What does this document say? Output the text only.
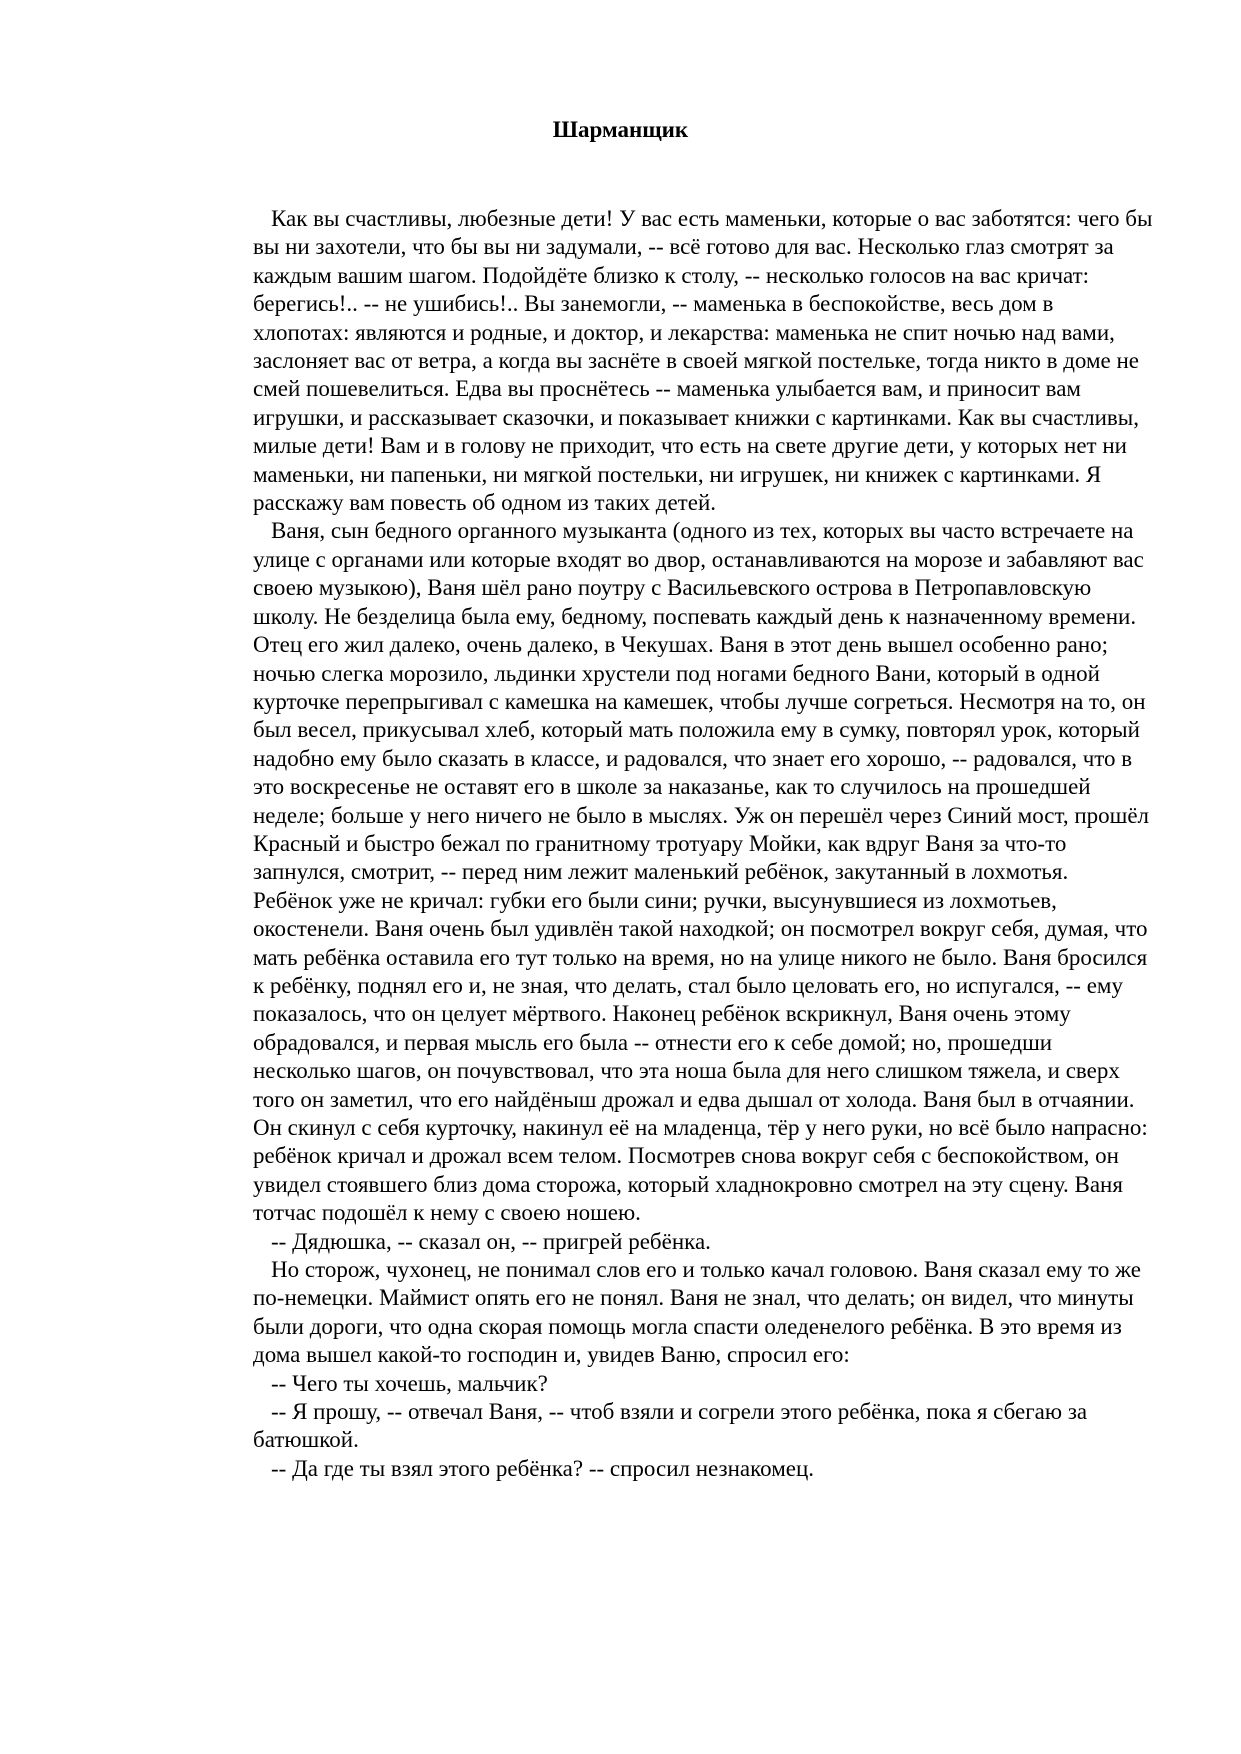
Шарманщик

Как вы счастливы, любезные дети! У вас есть маменьки, которые о вас заботятся: чего бы вы ни захотели, что бы вы ни задумали, -- всё готово для вас. Несколько глаз смотрят за каждым вашим шагом. Подойдёте близко к столу, -- несколько голосов на вас кричат: берегись!.. -- не ушибись!.. Вы занемогли, -- маменька в беспокойстве, весь дом в хлопотах: являются и родные, и доктор, и лекарства: маменька не спит ночью над вами, заслоняет вас от ветра, а когда вы заснёте в своей мягкой постельке, тогда никто в доме не смей пошевелиться. Едва вы проснётесь -- маменька улыбается вам, и приносит вам игрушки, и рассказывает сказочки, и показывает книжки с картинками. Как вы счастливы, милые дети! Вам и в голову не приходит, что есть на свете другие дети, у которых нет ни маменьки, ни папеньки, ни мягкой постельки, ни игрушек, ни книжек с картинками. Я расскажу вам повесть об одном из таких детей.

Ваня, сын бедного органного музыканта (одного из тех, которых вы часто встречаете на улице с органами или которые входят во двор, останавливаются на морозе и забавляют вас своею музыкою), Ваня шёл рано поутру с Васильевского острова в Петропавловскую школу. Не безделица была ему, бедному, поспевать каждый день к назначенному времени. Отец его жил далеко, очень далеко, в Чекушах. Ваня в этот день вышел особенно рано; ночью слегка морозило, льдинки хрустели под ногами бедного Вани, который в одной курточке перепрыгивал с камешка на камешек, чтобы лучше согреться. Несмотря на то, он был весел, прикусывал хлеб, который мать положила ему в сумку, повторял урок, который надобно ему было сказать в классе, и радовался, что знает его хорошо, -- радовался, что в это воскресенье не оставят его в школе за наказанье, как то случилось на прошедшей неделе; больше у него ничего не было в мыслях. Уж он перешёл через Синий мост, прошёл Красный и быстро бежал по гранитному тротуару Мойки, как вдруг Ваня за что-то запнулся, смотрит, -- перед ним лежит маленький ребёнок, закутанный в лохмотья. Ребёнок уже не кричал: губки его были сини; ручки, высунувшиеся из лохмотьев, окостенели. Ваня очень был удивлён такой находкой; он посмотрел вокруг себя, думая, что мать ребёнка оставила его тут только на время, но на улице никого не было. Ваня бросился к ребёнку, поднял его и, не зная, что делать, стал было целовать его, но испугался, -- ему показалось, что он целует мёртвого. Наконец ребёнок вскрикнул, Ваня очень этому обрадовался, и первая мысль его была -- отнести его к себе домой; но, прошедши несколько шагов, он почувствовал, что эта ноша была для него слишком тяжела, и сверх того он заметил, что его найдёныш дрожал и едва дышал от холода. Ваня был в отчаянии. Он скинул с себя курточку, накинул её на младенца, тёр у него руки, но всё было напрасно: ребёнок кричал и дрожал всем телом. Посмотрев снова вокруг себя с беспокойством, он увидел стоявшего близ дома сторожа, который хладнокровно смотрел на эту сцену. Ваня тотчас подошёл к нему с своею ношею.

-- Дядюшка, -- сказал он, -- пригрей ребёнка.

Но сторож, чухонец, не понимал слов его и только качал головою. Ваня сказал ему то же по-немецки. Маймист опять его не понял. Ваня не знал, что делать; он видел, что минуты были дороги, что одна скорая помощь могла спасти оледенелого ребёнка. В это время из дома вышел какой-то господин и, увидев Ваню, спросил его:

-- Чего ты хочешь, мальчик?

-- Я прошу, -- отвечал Ваня, -- чтоб взяли и согрели этого ребёнка, пока я сбегаю за батюшкой.

-- Да где ты взял этого ребёнка? -- спросил незнакомец.
